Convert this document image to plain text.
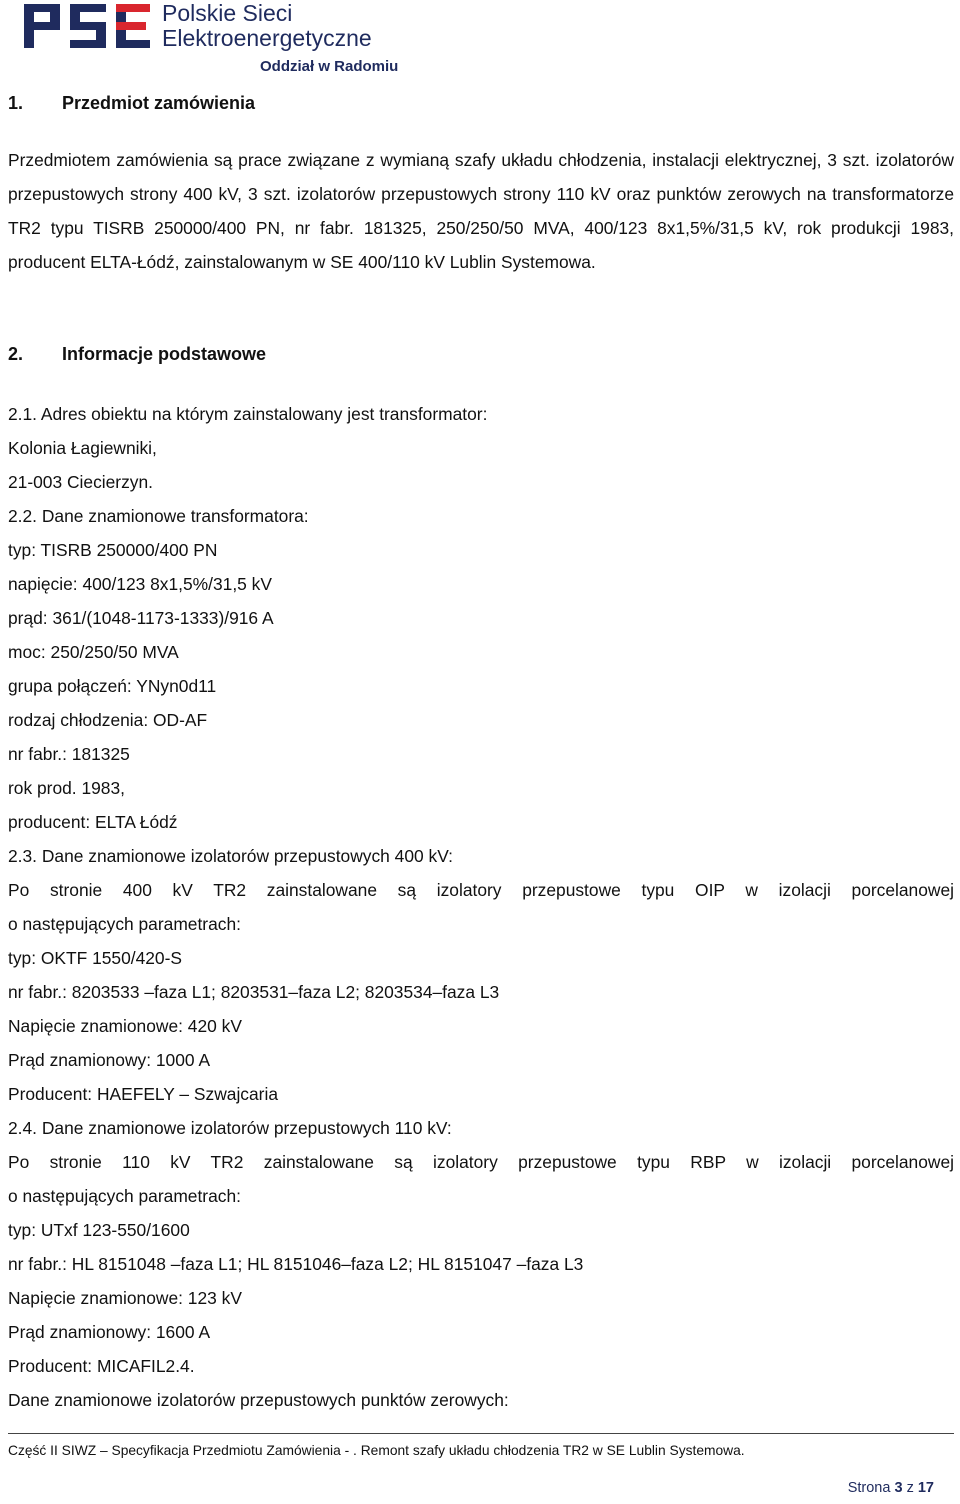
Polskie Sieci
Elektroenergetyczne
Oddział w Radomiu
1. Przedmiot zamówienia
Przedmiotem zamówienia są prace związane z wymianą szafy układu chłodzenia, instalacji elektrycznej, 3 szt. izolatorów przepustowych strony 400 kV, 3 szt. izolatorów przepustowych strony 110 kV oraz punktów zerowych na transformatorze TR2 typu TISRB 250000/400 PN, nr fabr. 181325, 250/250/50 MVA, 400/123 8x1,5%/31,5 kV, rok produkcji 1983, producent ELTA-Łódź, zainstalowanym w SE 400/110 kV Lublin Systemowa.
2. Informacje podstawowe
2.1. Adres obiektu na którym zainstalowany jest transformator:
Kolonia Łagiewniki,
21-003 Ciecierzyn.
2.2. Dane znamionowe transformatora:
typ: TISRB 250000/400 PN
napięcie: 400/123 8x1,5%/31,5 kV
prąd: 361/(1048-1173-1333)/916 A
moc: 250/250/50 MVA
grupa połączeń: YNyn0d11
rodzaj chłodzenia: OD-AF
nr fabr.: 181325
rok prod. 1983,
producent: ELTA Łódź
2.3. Dane znamionowe izolatorów przepustowych 400 kV:
Po stronie 400 kV TR2 zainstalowane są izolatory przepustowe typu OIP w izolacji porcelanowej
o następujących parametrach:
typ: OKTF 1550/420-S
nr fabr.: 8203533 –faza L1; 8203531–faza L2; 8203534–faza L3
Napięcie znamionowe: 420 kV
Prąd znamionowy: 1000 A
Producent: HAEFELY – Szwajcaria
2.4. Dane znamionowe izolatorów przepustowych 110 kV:
Po stronie 110 kV TR2 zainstalowane są izolatory przepustowe typu RBP w izolacji porcelanowej
o następujących parametrach:
typ: UTxf 123-550/1600
nr fabr.: HL 8151048 –faza L1; HL 8151046–faza L2; HL 8151047 –faza L3
Napięcie znamionowe: 123 kV
Prąd znamionowy: 1600 A
Producent: MICAFIL2.4.
Dane znamionowe izolatorów przepustowych punktów zerowych:
Część II SIWZ – Specyfikacja Przedmiotu Zamówienia - . Remont szafy układu chłodzenia TR2 w SE Lublin Systemowa.
Strona 3 z 17
